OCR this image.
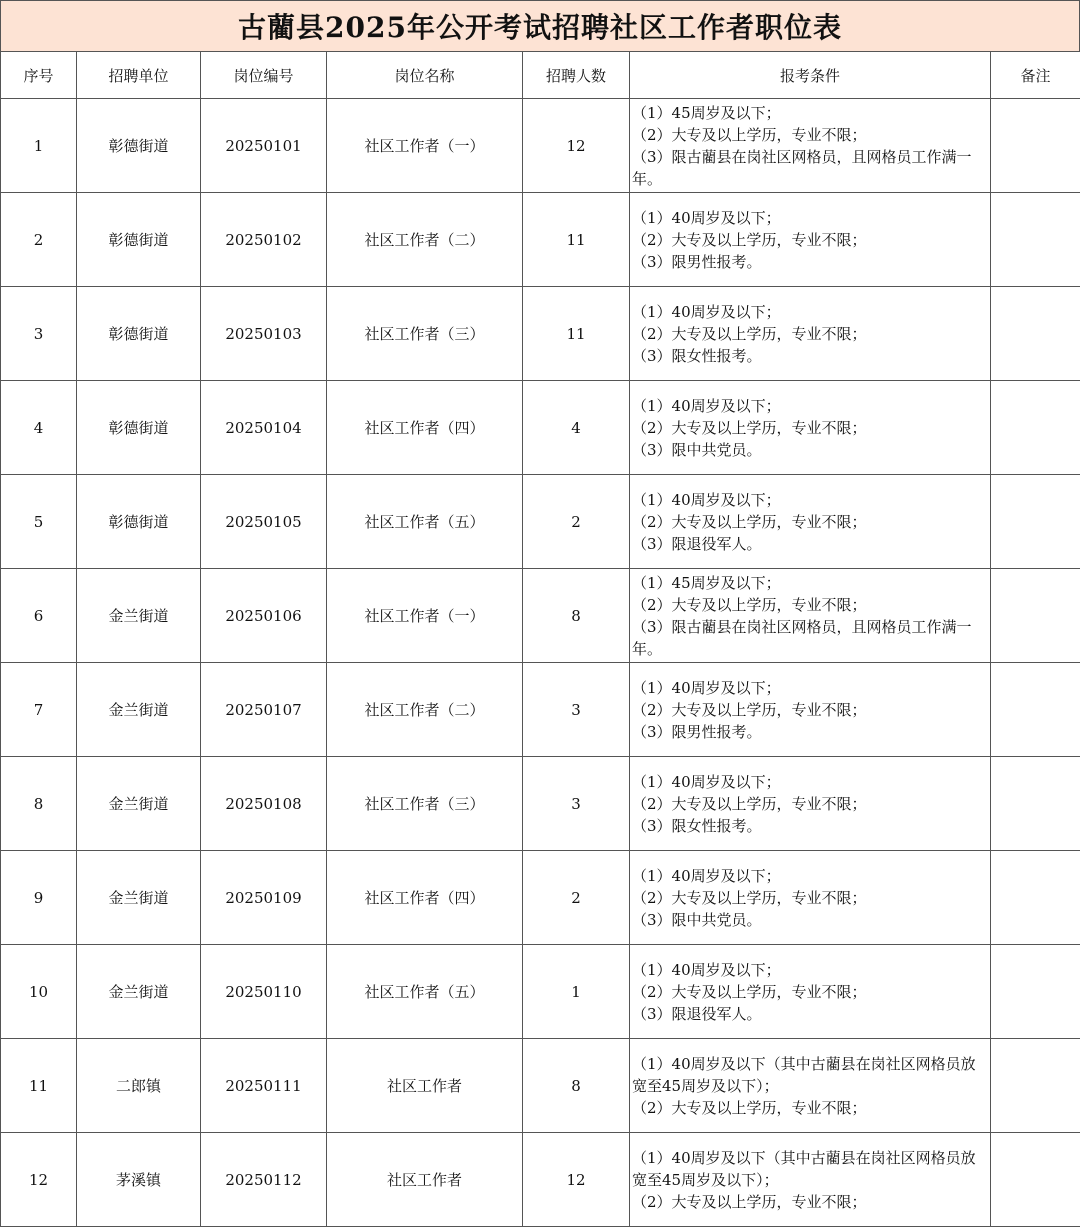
古藺县2025年公开考试招聘社区工作者职位表
序号	招聘单位	岗位编号	岗位名称	招聘人数	报考条件	备注
1	彰德街道	20250101	社区工作者（一）	12	（1）45周岁及以下；
（2）大专及以上学历，专业不限；
（3）限古藺县在岗社区网格员，且网格员工作满一年。	

2	彰德街道	20250102	社区工作者（二）	11	（1）40周岁及以下；
（2）大专及以上学历，专业不限；
（3）限男性报考。	

3	彰德街道	20250103	社区工作者（三）	11	（1）40周岁及以下；
（2）大专及以上学历，专业不限；
（3）限女性报考。	

4	彰德街道	20250104	社区工作者（四）	4	（1）40周岁及以下；
（2）大专及以上学历，专业不限；
（3）限中共党员。	

5	彰德街道	20250105	社区工作者（五）	2	（1）40周岁及以下；
（2）大专及以上学历，专业不限；
（3）限退役军人。	

6	金兰街道	20250106	社区工作者（一）	8	（1）45周岁及以下；
（2）大专及以上学历，专业不限；
（3）限古藺县在岗社区网格员，且网格员工作满一年。	

7	金兰街道	20250107	社区工作者（二）	3	（1）40周岁及以下；
（2）大专及以上学历，专业不限；
（3）限男性报考。	

8	金兰街道	20250108	社区工作者（三）	3	（1）40周岁及以下；
（2）大专及以上学历，专业不限；
（3）限女性报考。	

9	金兰街道	20250109	社区工作者（四）	2	（1）40周岁及以下；
（2）大专及以上学历，专业不限；
（3）限中共党员。	

10	金兰街道	20250110	社区工作者（五）	1	（1）40周岁及以下；
（2）大专及以上学历，专业不限；
（3）限退役军人。	

11	二郎镇	20250111	社区工作者	8	（1）40周岁及以下（其中古藺县在岗社区网格员放宽至45周岁及以下）；
（2）大专及以上学历，专业不限；	

12	茅溪镇	20250112	社区工作者	12	（1）40周岁及以下（其中古藺县在岗社区网格员放宽至45周岁及以下）；
（2）大专及以上学历，专业不限；	
